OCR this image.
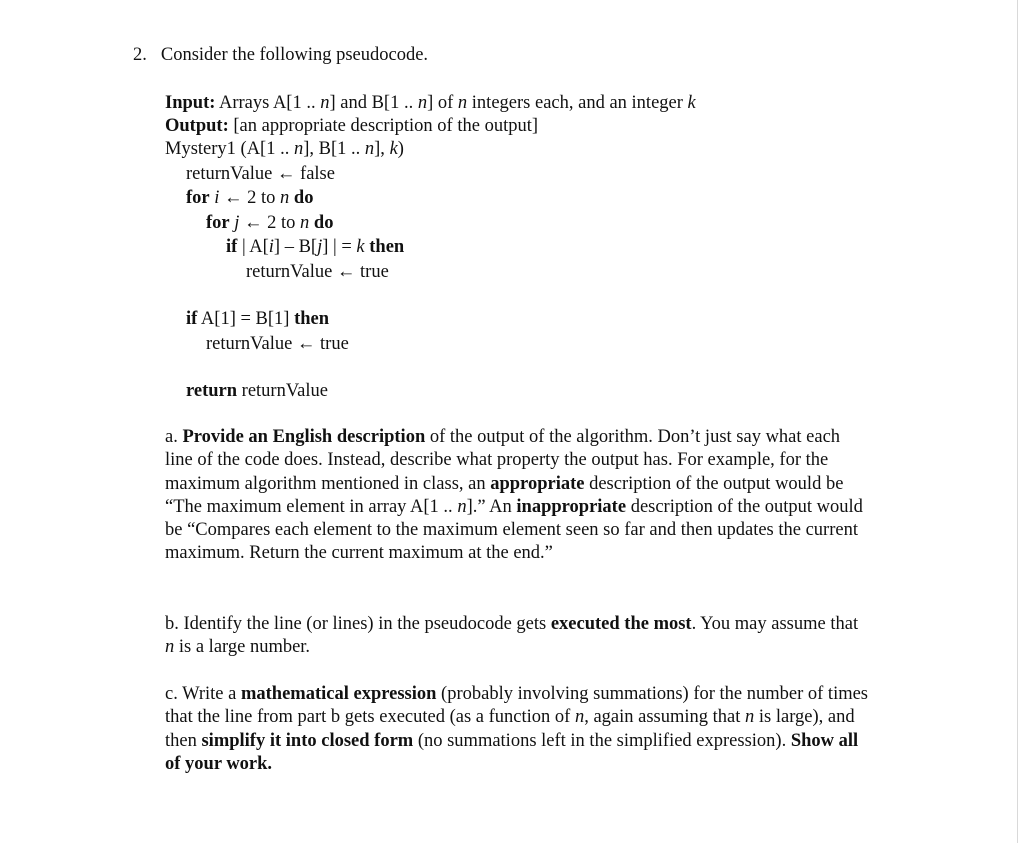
2. Consider the following pseudocode.
Input: Arrays A[1 .. n] and B[1 .. n] of n integers each, and an integer k
Output: [an appropriate description of the output]
Mystery1 (A[1 .. n], B[1 .. n], k)
returnValue ← false
for i ← 2 to n do
for j ← 2 to n do
if | A[i] – B[j] | = k then
returnValue ← true
if A[1] = B[1] then
returnValue ← true
return returnValue
a. Provide an English description of the output of the algorithm. Don’t just say what each line of the code does. Instead, describe what property the output has. For example, for the maximum algorithm mentioned in class, an appropriate description of the output would be “The maximum element in array A[1 .. n].” An inappropriate description of the output would be “Compares each element to the maximum element seen so far and then updates the current maximum. Return the current maximum at the end.”
b. Identify the line (or lines) in the pseudocode gets executed the most. You may assume that n is a large number.
c. Write a mathematical expression (probably involving summations) for the number of times that the line from part b gets executed (as a function of n, again assuming that n is large), and then simplify it into closed form (no summations left in the simplified expression). Show all of your work.
